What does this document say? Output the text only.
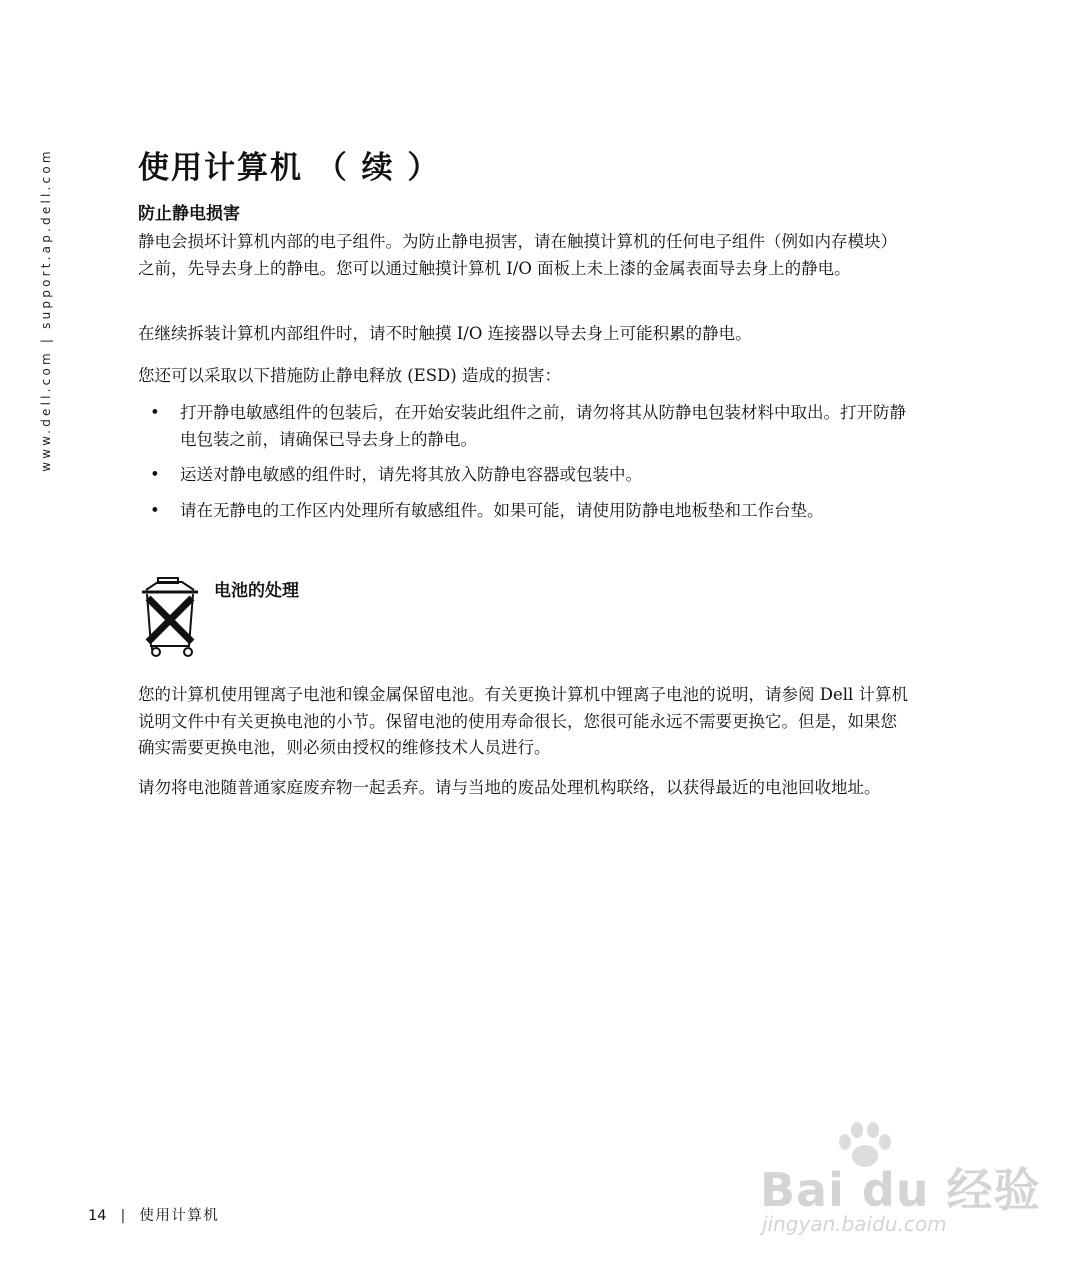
www.dell.com | support.ap.dell.com	使用计算机 （ 续 ）
防止静电损害

静电会损坏计算机内部的电子组件。为防止静电损害，请在触摸计算机的任何电子组件（例如内存模块）之前，先导去身上的静电。您可以通过触摸计算机 I/O 面板上未上漆的金属表面导去身上的静电。

在继续拆装计算机内部组件时，请不时触摸 I/O 连接器以导去身上可能积累的静电。

您还可以采取以下措施防止静电释放 (ESD) 造成的损害：

• 打开静电敏感组件的包装后，在开始安装此组件之前，请勿将其从防静电包装材料中取出。打开防静电包装之前，请确保已导去身上的静电。
• 运送对静电敏感的组件时，请先将其放入防静电容器或包装中。
• 请在无静电的工作区内处理所有敏感组件。如果可能，请使用防静电地板垫和工作台垫。
电池的处理

您的计算机使用锂离子电池和镍金属保留电池。有关更换计算机中锂离子电池的说明，请参阅 Dell 计算机说明文件中有关更换电池的小节。保留电池的使用寿命很长，您很可能永远不需要更换它。但是，如果您确实需要更换电池，则必须由授权的维修技术人员进行。

请勿将电池随普通家庭废弃物一起丢弃。请与当地的废品处理机构联络，以获得最近的电池回收地址。

14 | 使用计算机	Bai du 经验
jingyan.baidu.com
